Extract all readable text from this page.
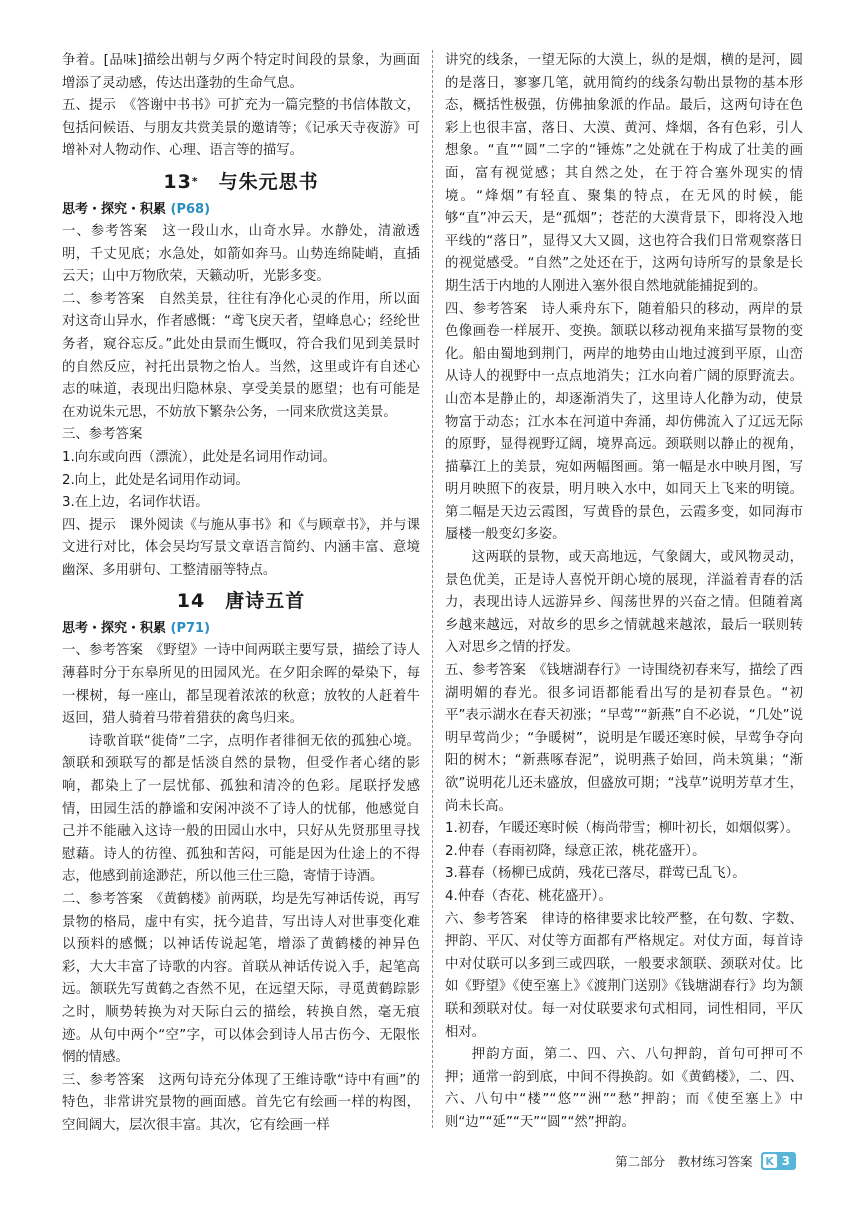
争着。[品味]描绘出朝与夕两个特定时间段的景象，为画面增添了灵动感，传达出蓬勃的生命气息。

五、提示　《答谢中书书》可扩充为一篇完整的书信体散文，包括问候语、与朋友共赏美景的邀请等；《记承天寺夜游》可增补对人物动作、心理、语言等的描写。

13*　 与朱元思书
思考・探究・积累 (P68)

一、参考答案　这一段山水，山奇水异。水静处，清澈透明，千丈见底；水急处，如箭如奔马。山势连绵陡峭，直插云天；山中万物欣荣，天籁动听，光影多变。

二、参考答案　自然美景，往往有净化心灵的作用，所以面对这奇山异水，作者感慨：“鸢飞戾天者，望峰息心；经纶世务者，窥谷忘反。”此处由景而生慨叹，符合我们见到美景时的自然反应，衬托出景物之怡人。当然，这里或许有自述心志的味道，表现出归隐林泉、享受美景的愿望；也有可能是在劝说朱元思，不妨放下繁杂公务，一同来欣赏这美景。

三、参考答案

1.向东或向西（漂流），此处是名词用作动词。

2.向上，此处是名词用作动词。

3.在上边，名词作状语。

四、提示　课外阅读《与施从事书》和《与顾章书》，并与课文进行对比，体会吴均写景文章语言简约、内涵丰富、意境幽深、多用骈句、工整清丽等特点。

14　 唐诗五首
思考・探究・积累 (P71)

一、参考答案　《野望》一诗中间两联主要写景，描绘了诗人薄暮时分于东皋所见的田园风光。在夕阳余晖的晕染下，每一棵树，每一座山，都呈现着浓浓的秋意；放牧的人赶着牛返回，猎人骑着马带着猎获的禽鸟归来。

诗歌首联“徙倚”二字，点明作者徘徊无依的孤独心境。颔联和颈联写的都是恬淡自然的景物，但受作者心绪的影响，都染上了一层忧郁、孤独和清冷的色彩。尾联抒发感情，田园生活的静谧和安闲冲淡不了诗人的忧郁，他感觉自己并不能融入这诗一般的田园山水中，只好从先贤那里寻找慰藉。诗人的彷徨、孤独和苦闷，可能是因为仕途上的不得志，他感到前途渺茫，所以他三仕三隐，寄情于诗酒。

二、参考答案　《黄鹤楼》前两联，均是先写神话传说，再写景物的格局，虚中有实，抚今追昔，写出诗人对世事变化难以预料的感慨；以神话传说起笔，增添了黄鹤楼的神异色彩，大大丰富了诗歌的内容。首联从神话传说入手，起笔高远。颔联先写黄鹤之杳然不见，在远望天际，寻觅黄鹤踪影之时，顺势转换为对天际白云的描绘，转换自然，毫无痕迹。从句中两个“空”字，可以体会到诗人吊古伤今、无限怅惘的情感。

三、参考答案　这两句诗充分体现了王维诗歌“诗中有画”的特色，非常讲究景物的画面感。首先它有绘画一样的构图，空间阔大，层次很丰富。其次，它有绘画一样

讲究的线条，一望无际的大漠上，纵的是烟，横的是河，圆的是落日，寥寥几笔，就用简约的线条勾勒出景物的基本形态，概括性极强，仿佛抽象派的作品。最后，这两句诗在色彩上也很丰富，落日、大漠、黄河、烽烟，各有色彩，引人想象。“直”“圆”二字的“锤炼”之处就在于构成了壮美的画面，富有视觉感；其自然之处，在于符合塞外现实的情境。“烽烟”有轻直、聚集的特点，在无风的时候，能够“直”冲云天，是“孤烟”；苍茫的大漠背景下，即将没入地平线的“落日”，显得又大又圆，这也符合我们日常观察落日的视觉感受。“自然”之处还在于，这两句诗所写的景象是长期生活于内地的人刚进入塞外很自然地就能捕捉到的。

四、参考答案　诗人乘舟东下，随着船只的移动，两岸的景色像画卷一样展开、变换。颔联以移动视角来描写景物的变化。船由蜀地到荆门，两岸的地势由山地过渡到平原，山峦从诗人的视野中一点点地消失；江水向着广阔的原野流去。山峦本是静止的，却逐渐消失了，这里诗人化静为动，使景物富于动态；江水本在河道中奔涌，却仿佛流入了辽远无际的原野，显得视野辽阔，境界高远。颈联则以静止的视角，描摹江上的美景，宛如两幅图画。第一幅是水中映月图，写明月映照下的夜景，明月映入水中，如同天上飞来的明镜。第二幅是天边云霞图，写黄昏的景色，云霞多变，如同海市蜃楼一般变幻多姿。

这两联的景物，或天高地远，气象阔大，或风物灵动，景色优美，正是诗人喜悦开朗心境的展现，洋溢着青春的活力，表现出诗人远游异乡、闯荡世界的兴奋之情。但随着离乡越来越远，对故乡的思乡之情就越来越浓，最后一联则转入对思乡之情的抒发。

五、参考答案　《钱塘湖春行》一诗围绕初春来写，描绘了西湖明媚的春光。很多词语都能看出写的是初春景色。“初平”表示湖水在春天初涨；“早莺”“新燕”自不必说，“几处”说明早莺尚少；“争暖树”，说明是乍暖还寒时候，早莺争夺向阳的树木；“新燕啄春泥”，说明燕子始回，尚未筑巢；“渐欲”说明花儿还未盛放，但盛放可期；“浅草”说明芳草才生，尚未长高。

1.初春，乍暖还寒时候（梅尚带雪；柳叶初长，如烟似雾）。

2.仲春（春雨初降，绿意正浓，桃花盛开）。

3.暮春（杨柳已成荫，残花已落尽，群莺已乱飞）。

4.仲春（杏花、桃花盛开）。

六、参考答案　律诗的格律要求比较严整，在句数、字数、押韵、平仄、对仗等方面都有严格规定。对仗方面，每首诗中对仗联可以多到三或四联，一般要求颔联、颈联对仗。比如《野望》《使至塞上》《渡荆门送别》《钱塘湖春行》均为颔联和颈联对仗。每一对仗联要求句式相同，词性相同，平仄相对。

押韵方面，第二、四、六、八句押韵，首句可押可不押；通常一韵到底，中间不得换韵。如《黄鹤楼》，二、四、六、八句中“楼”“悠”“洲”“愁”押韵；而《使至塞上》中则“边”“延”“天”“圆”“然”押韵。

第二部分　教材练习答案 K 3
